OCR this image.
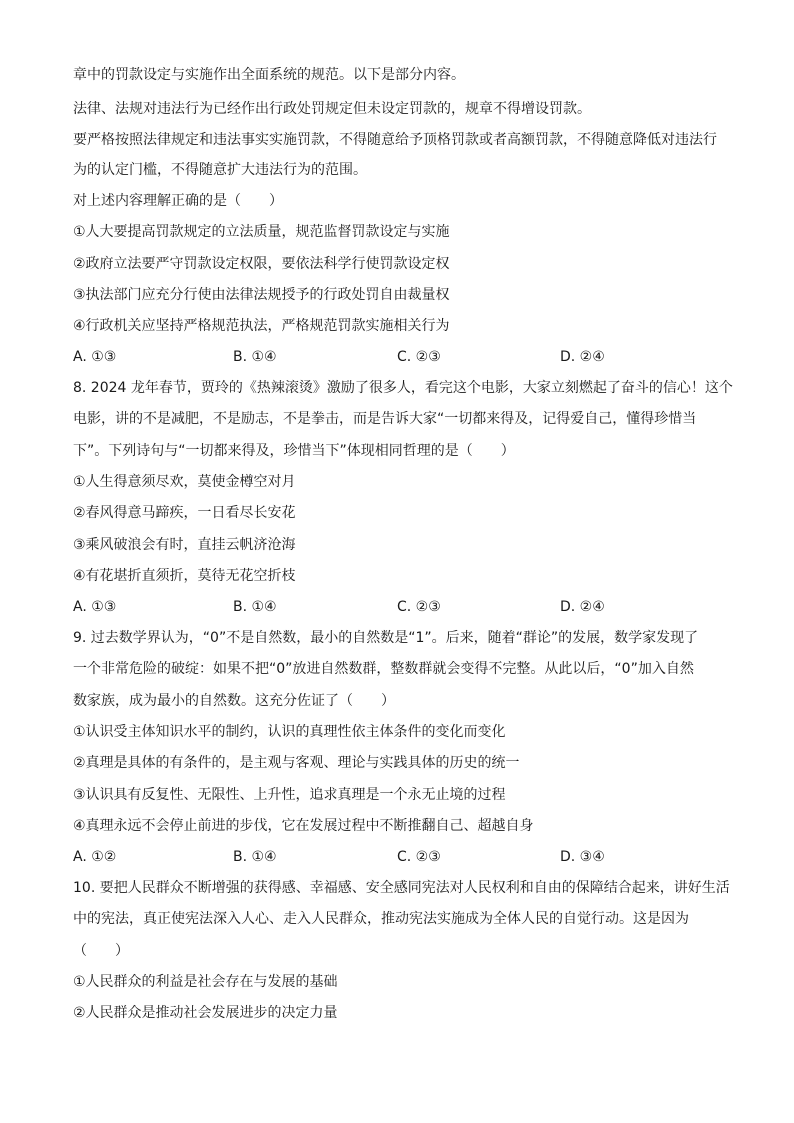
章中的罚款设定与实施作出全面系统的规范。以下是部分内容。
法律、法规对违法行为已经作出行政处罚规定但未设定罚款的，规章不得增设罚款。
要严格按照法律规定和违法事实实施罚款，不得随意给予顶格罚款或者高额罚款，不得随意降低对违法行
为的认定门槛，不得随意扩大违法行为的范围。
对上述内容理解正确的是（　　）
①人大要提高罚款规定的立法质量，规范监督罚款设定与实施
②政府立法要严守罚款设定权限，要依法科学行使罚款设定权
③执法部门应充分行使由法律法规授予的行政处罚自由裁量权
④行政机关应坚持严格规范执法，严格规范罚款实施相关行为
A. ①③	B. ①④	C. ②③	D. ②④
8. 2024 龙年春节，贾玲的《热辣滚烫》激励了很多人，看完这个电影，大家立刻燃起了奋斗的信心！这个
电影，讲的不是减肥，不是励志，不是拳击，而是告诉大家“一切都来得及，记得爱自己，懂得珍惜当
下”。下列诗句与“一切都来得及，珍惜当下”体现相同哲理的是（　　）
①人生得意须尽欢，莫使金樽空对月
②春风得意马蹄疾，一日看尽长安花
③乘风破浪会有时，直挂云帆济沧海
④有花堪折直须折，莫待无花空折枝
A. ①③	B. ①④	C. ②③	D. ②④
9. 过去数学界认为，“0”不是自然数，最小的自然数是“1”。后来，随着“群论”的发展，数学家发现了
一个非常危险的破绽：如果不把“0”放进自然数群，整数群就会变得不完整。从此以后，“0”加入自然
数家族，成为最小的自然数。这充分佐证了（　　）
①认识受主体知识水平的制约，认识的真理性依主体条件的变化而变化
②真理是具体的有条件的，是主观与客观、理论与实践具体的历史的统一
③认识具有反复性、无限性、上升性，追求真理是一个永无止境的过程
④真理永远不会停止前进的步伐，它在发展过程中不断推翻自己、超越自身
A. ①②	B. ①④	C. ②③	D. ③④
10. 要把人民群众不断增强的获得感、幸福感、安全感同宪法对人民权利和自由的保障结合起来，讲好生活
中的宪法，真正使宪法深入人心、走入人民群众，推动宪法实施成为全体人民的自觉行动。这是因为
（　　）
①人民群众的利益是社会存在与发展的基础
②人民群众是推动社会发展进步的决定力量
